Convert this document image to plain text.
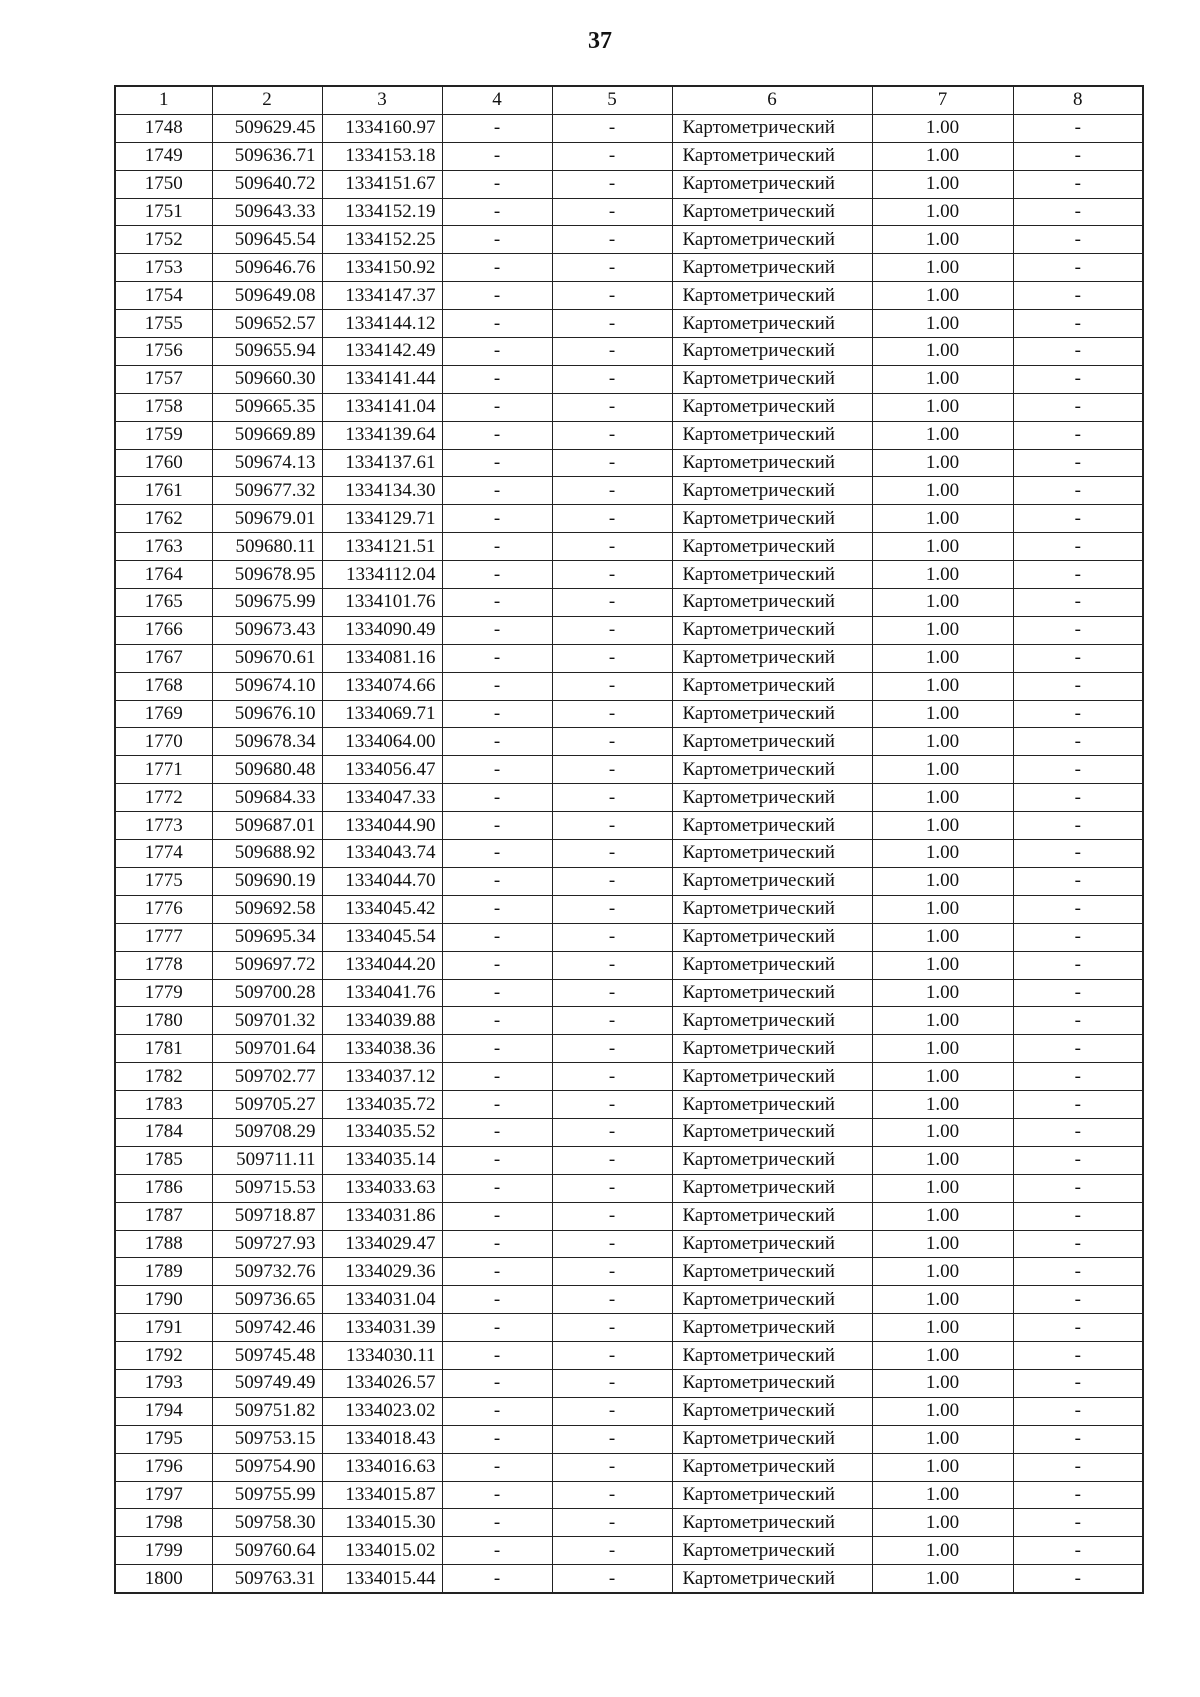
37
1	2	3	4	5	6	7	8
1748	509629.45	1334160.97	-	-	Картометрический	1.00	-
1749	509636.71	1334153.18	-	-	Картометрический	1.00	-
1750	509640.72	1334151.67	-	-	Картометрический	1.00	-
1751	509643.33	1334152.19	-	-	Картометрический	1.00	-
1752	509645.54	1334152.25	-	-	Картометрический	1.00	-
1753	509646.76	1334150.92	-	-	Картометрический	1.00	-
1754	509649.08	1334147.37	-	-	Картометрический	1.00	-
1755	509652.57	1334144.12	-	-	Картометрический	1.00	-
1756	509655.94	1334142.49	-	-	Картометрический	1.00	-
1757	509660.30	1334141.44	-	-	Картометрический	1.00	-
1758	509665.35	1334141.04	-	-	Картометрический	1.00	-
1759	509669.89	1334139.64	-	-	Картометрический	1.00	-
1760	509674.13	1334137.61	-	-	Картометрический	1.00	-
1761	509677.32	1334134.30	-	-	Картометрический	1.00	-
1762	509679.01	1334129.71	-	-	Картометрический	1.00	-
1763	509680.11	1334121.51	-	-	Картометрический	1.00	-
1764	509678.95	1334112.04	-	-	Картометрический	1.00	-
1765	509675.99	1334101.76	-	-	Картометрический	1.00	-
1766	509673.43	1334090.49	-	-	Картометрический	1.00	-
1767	509670.61	1334081.16	-	-	Картометрический	1.00	-
1768	509674.10	1334074.66	-	-	Картометрический	1.00	-
1769	509676.10	1334069.71	-	-	Картометрический	1.00	-
1770	509678.34	1334064.00	-	-	Картометрический	1.00	-
1771	509680.48	1334056.47	-	-	Картометрический	1.00	-
1772	509684.33	1334047.33	-	-	Картометрический	1.00	-
1773	509687.01	1334044.90	-	-	Картометрический	1.00	-
1774	509688.92	1334043.74	-	-	Картометрический	1.00	-
1775	509690.19	1334044.70	-	-	Картометрический	1.00	-
1776	509692.58	1334045.42	-	-	Картометрический	1.00	-
1777	509695.34	1334045.54	-	-	Картометрический	1.00	-
1778	509697.72	1334044.20	-	-	Картометрический	1.00	-
1779	509700.28	1334041.76	-	-	Картометрический	1.00	-
1780	509701.32	1334039.88	-	-	Картометрический	1.00	-
1781	509701.64	1334038.36	-	-	Картометрический	1.00	-
1782	509702.77	1334037.12	-	-	Картометрический	1.00	-
1783	509705.27	1334035.72	-	-	Картометрический	1.00	-
1784	509708.29	1334035.52	-	-	Картометрический	1.00	-
1785	509711.11	1334035.14	-	-	Картометрический	1.00	-
1786	509715.53	1334033.63	-	-	Картометрический	1.00	-
1787	509718.87	1334031.86	-	-	Картометрический	1.00	-
1788	509727.93	1334029.47	-	-	Картометрический	1.00	-
1789	509732.76	1334029.36	-	-	Картометрический	1.00	-
1790	509736.65	1334031.04	-	-	Картометрический	1.00	-
1791	509742.46	1334031.39	-	-	Картометрический	1.00	-
1792	509745.48	1334030.11	-	-	Картометрический	1.00	-
1793	509749.49	1334026.57	-	-	Картометрический	1.00	-
1794	509751.82	1334023.02	-	-	Картометрический	1.00	-
1795	509753.15	1334018.43	-	-	Картометрический	1.00	-
1796	509754.90	1334016.63	-	-	Картометрический	1.00	-
1797	509755.99	1334015.87	-	-	Картометрический	1.00	-
1798	509758.30	1334015.30	-	-	Картометрический	1.00	-
1799	509760.64	1334015.02	-	-	Картометрический	1.00	-
1800	509763.31	1334015.44	-	-	Картометрический	1.00	-
